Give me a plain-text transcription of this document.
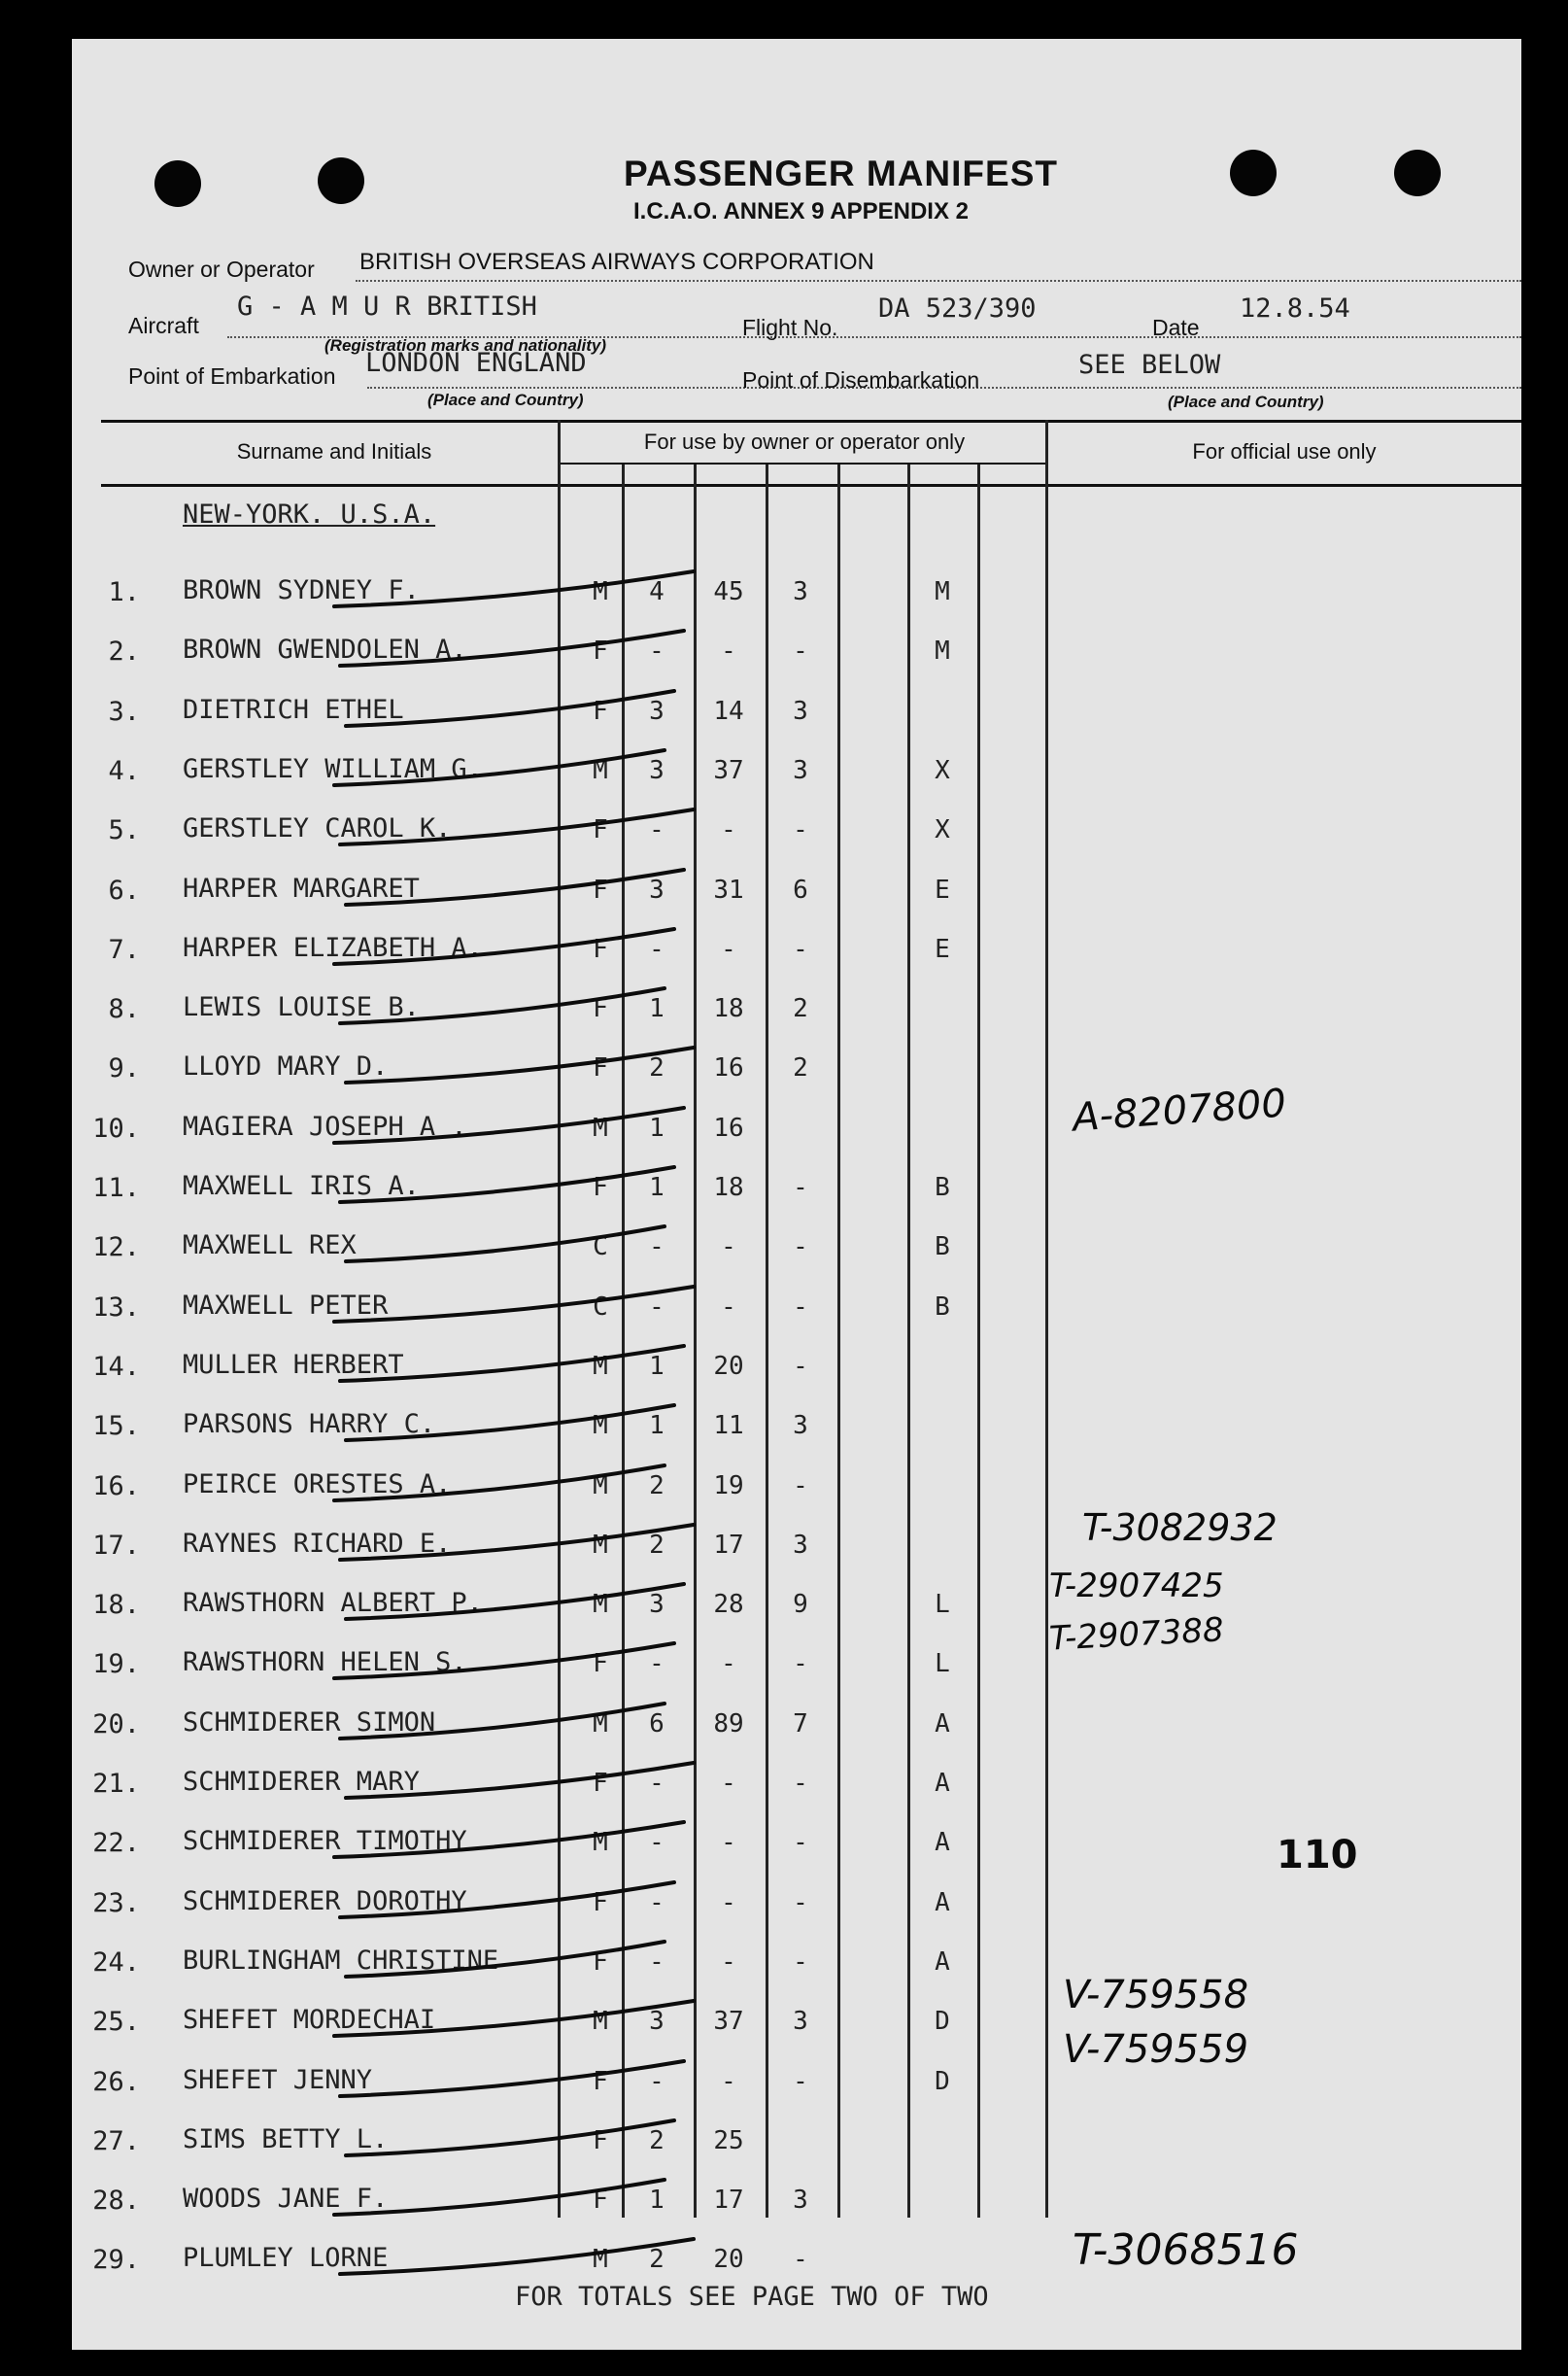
PASSENGER MANIFEST
I.C.A.O. ANNEX 9 APPENDIX 2
Owner or Operator BRITISH OVERSEAS AIRWAYS CORPORATION
Aircraft
G - A M U R BRITISH
(Registration marks and nationality)
Flight No.
DA 523/390
Date
12.8.54
Point of Embarkation LONDON ENGLAND
(Place and Country)
Point of Disembarkation	SEE BELOW
(Place and Country)
Surname and Initials	For use by owner or operator only	For official use only
NEW-YORK. U.S.A.
1. BROWN SYDNEY F.	M	4	45	3	M
2. BROWN GWENDOLEN A.	F	-	-	-	M
3. DIETRICH ETHEL	F	3	14	3
4. GERSTLEY WILLIAM G.	M	3	37	3	X
5. GERSTLEY CAROL K.	F	-	-	-	X
6. HARPER MARGARET	F	3	31	6	E
7. HARPER ELIZABETH A.	F	-	-	-	E
8. LEWIS LOUISE B.	F	1	18	2
9. LLOYD MARY D.	F	2	16	2
10. MAGIERA JOSEPH A .	M	1	16
11. MAXWELL IRIS A.	F	1	18	-	B
12. MAXWELL REX	C	-	-	-	B
13. MAXWELL PETER	C	-	-	-	B
14. MULLER HERBERT	M	1	20	-
15. PARSONS HARRY C.	M	1	11	3
16. PEIRCE ORESTES A.	M	2	19	-
17. RAYNES RICHARD E.	M	2	17	3
18. RAWSTHORN ALBERT P.	M	3	28	9	L
19. RAWSTHORN HELEN S.	F	-	-	-	L
20. SCHMIDERER SIMON	M	6	89	7	A
21. SCHMIDERER MARY	F	-	-	-	A
22. SCHMIDERER TIMOTHY	M	-	-	-	A
23. SCHMIDERER DOROTHY	F	-	-	-	A
24. BURLINGHAM CHRISTINE	F	-	-	-	A
25. SHEFET MORDECHAI	M	3	37	3	D
26. SHEFET JENNY	F	-	-	-	D
27. SIMS BETTY L.	F	2	25
28. WOODS JANE F.	F	1	17	3
29. PLUMLEY LORNE	M	2	20	-
FOR TOTALS SEE PAGE TWO OF TWO
A-8207800
T-3082932
T-2907425
T-2907388
110
V-759558
V-759559
T-3068516
